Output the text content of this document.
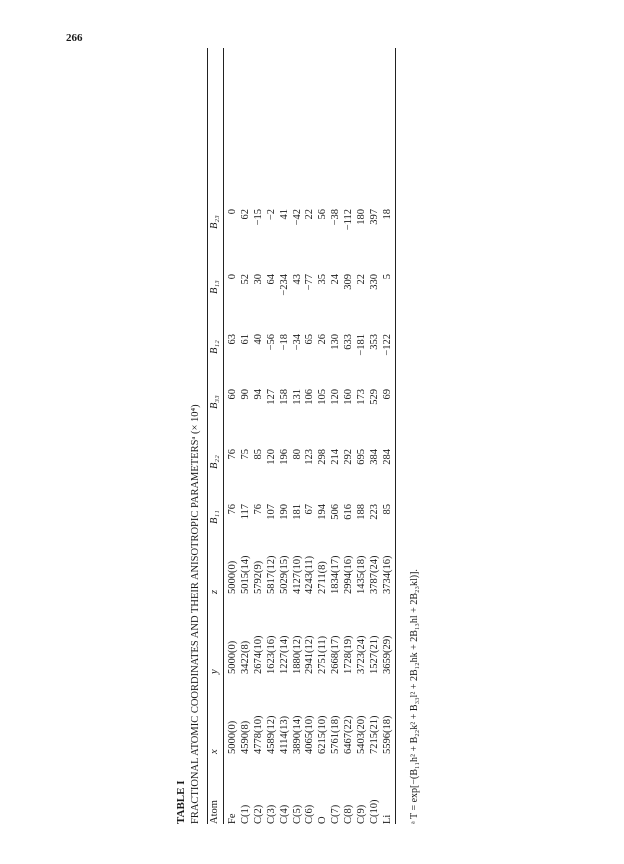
266
TABLE I FRACTIONAL ATOMIC COORDINATES AND THEIR ANISOTROPIC PARAMETERSᵃ (× 10⁴)
Atom
x
y
z
B₁₁
B₂₂
B₃₃
B₁₂
B₁₃
B₂₃
Fe
5000(0)
5000(0)
5000(0)
76
76
60
63
0
0
C(1)
4590(8)
3422(8)
5015(14)
117
75
90
61
52
62
C(2)
4778(10)
2674(10)
5792(9)
76
85
94
40
30
−15
C(3)
4589(12)
1623(16)
5817(12)
107
120
127
−56
64
−2
C(4)
4114(13)
1227(14)
5029(15)
190
196
158
−18
−234
41
C(5)
3890(14)
1880(12)
4127(10)
181
80
131
−34
43
−42
C(6)
4065(10)
2941(12)
4243(11)
67
123
106
65
−77
22
O
6215(10)
2751(11)
2711(8)
194
298
105
26
35
56
C(7)
5761(18)
2668(17)
1834(17)
506
214
120
130
24
−38
C(8)
6467(22)
1728(19)
2994(16)
616
292
160
633
309
−112
C(9)
5403(20)
3723(24)
1435(18)
188
695
173
−181
22
180
C(10)
7215(21)
1527(21)
3787(24)
223
384
529
353
330
397
Li
5596(18)
3659(29)
3734(16)
85
284
69
−122
5
18
ᵃ T = exp[−(B₁₁h² + B₂₂k² + B₃₃l² + 2B₁₂hk + 2B₁₃hl + 2B₂₃kl)].
